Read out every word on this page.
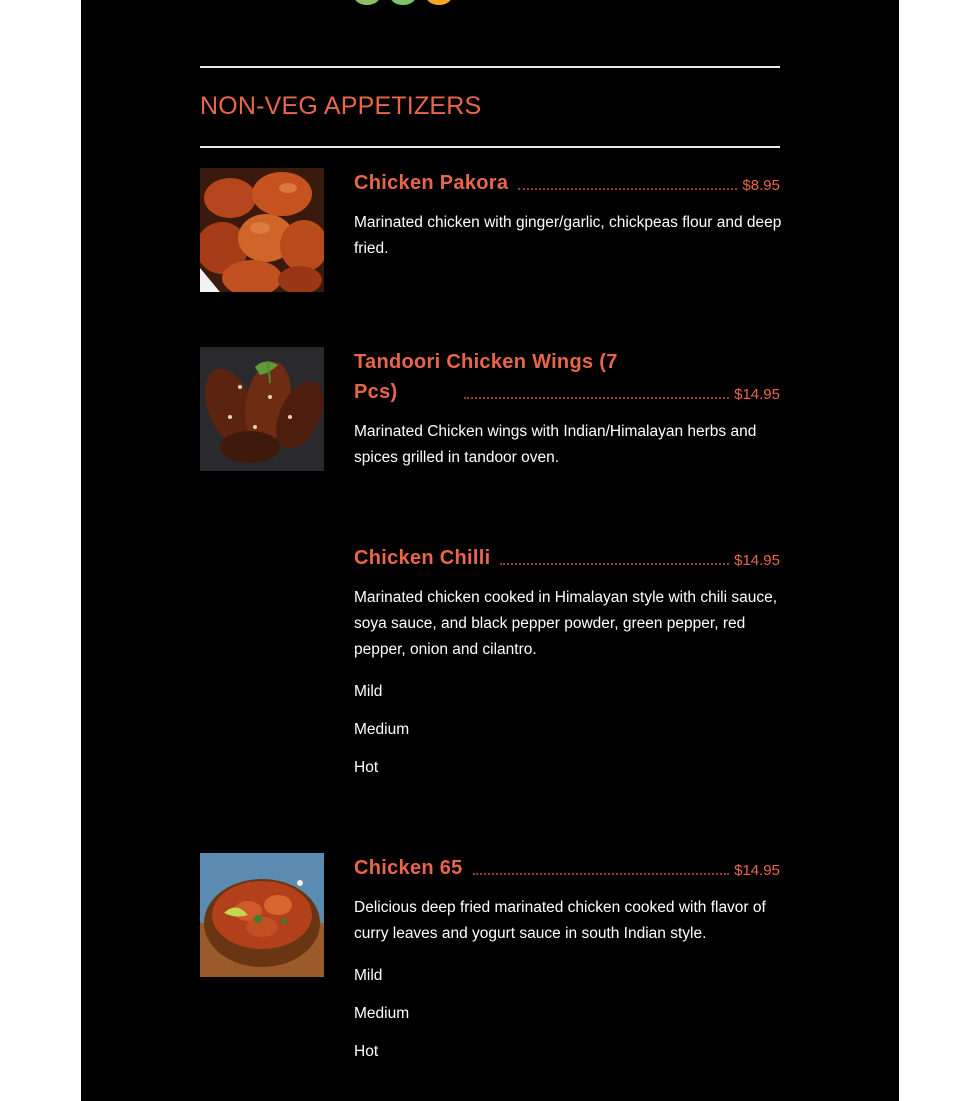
NON-VEG APPETIZERS
Chicken Pakora	$8.95

Marinated chicken with ginger/garlic, chickpeas flour and deep fried.

Tandoori Chicken Wings (7 Pcs)	$14.95

Marinated Chicken wings with Indian/Himalayan herbs and spices grilled in tandoor oven.

Chicken Chilli	$14.95

Marinated chicken cooked in Himalayan style with chili sauce, soya sauce, and black pepper powder, green pepper, red pepper, onion and cilantro.

Mild
Medium
Hot
Chicken 65	$14.95

Delicious deep fried marinated chicken cooked with flavor of curry leaves and yogurt sauce in south Indian style.

Mild
Medium
Hot
